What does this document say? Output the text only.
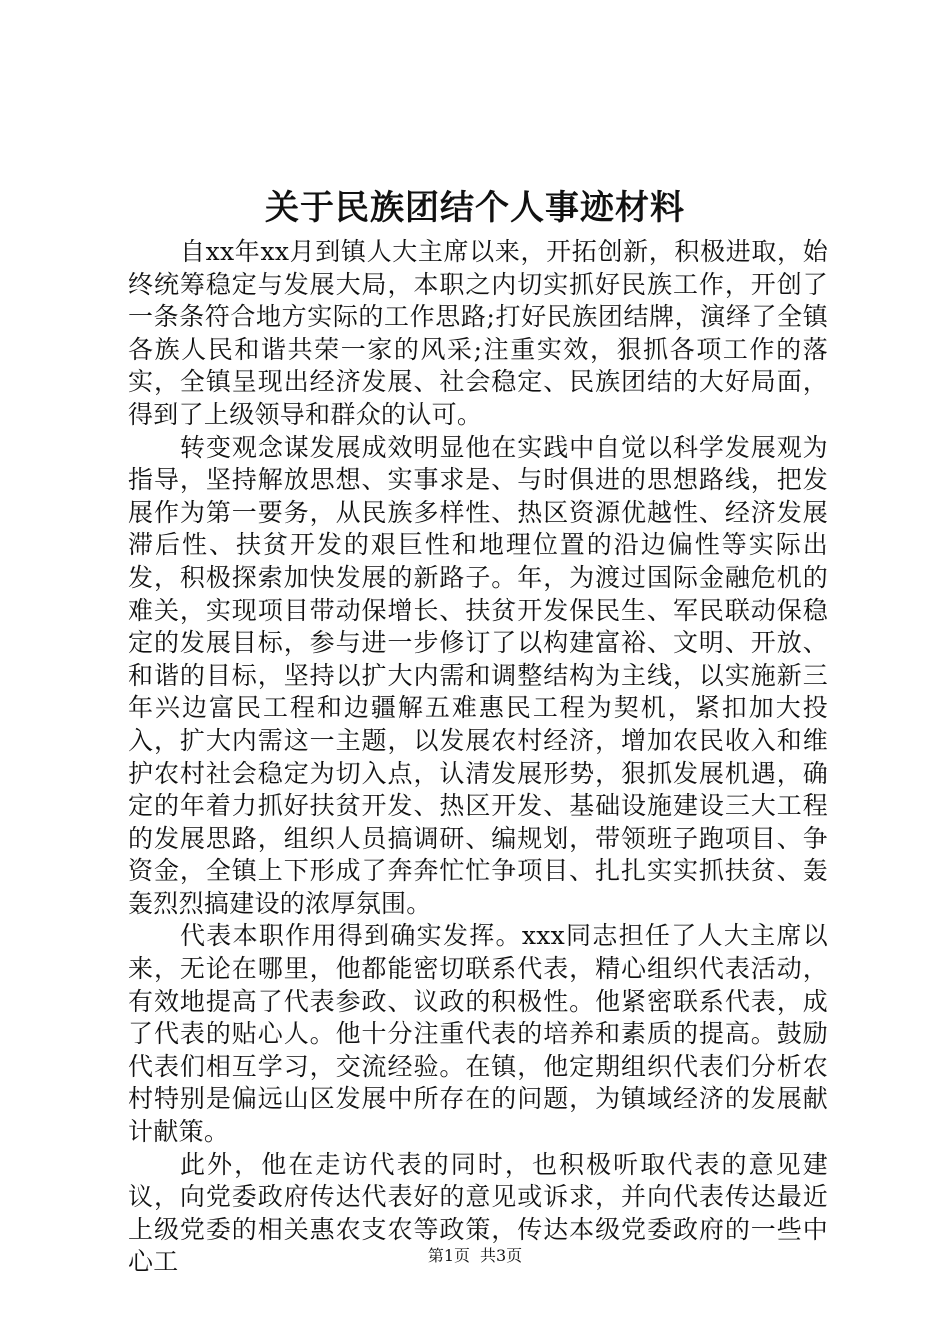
关于民族团结个人事迹材料

自xx年xx月到镇人大主席以来，开拓创新，积极进取，始终统筹稳定与发展大局，本职之内切实抓好民族工作，开创了一条条符合地方实际的工作思路;打好民族团结牌，演绎了全镇各族人民和谐共荣一家的风采;注重实效，狠抓各项工作的落实，全镇呈现出经济发展、社会稳定、民族团结的大好局面，得到了上级领导和群众的认可。

转变观念谋发展成效明显他在实践中自觉以科学发展观为指导，坚持解放思想、实事求是、与时俱进的思想路线，把发展作为第一要务，从民族多样性、热区资源优越性、经济发展滞后性、扶贫开发的艰巨性和地理位置的沿边偏性等实际出发，积极探索加快发展的新路子。年，为渡过国际金融危机的难关，实现项目带动保增长、扶贫开发保民生、军民联动保稳定的发展目标，参与进一步修订了以构建富裕、文明、开放、和谐的目标，坚持以扩大内需和调整结构为主线，以实施新三年兴边富民工程和边疆解五难惠民工程为契机，紧扣加大投入，扩大内需这一主题，以发展农村经济，增加农民收入和维护农村社会稳定为切入点，认清发展形势，狠抓发展机遇，确定的年着力抓好扶贫开发、热区开发、基础设施建设三大工程的发展思路，组织人员搞调研、编规划，带领班子跑项目、争资金，全镇上下形成了奔奔忙忙争项目、扎扎实实抓扶贫、轰轰烈烈搞建设的浓厚氛围。

代表本职作用得到确实发挥。xxx同志担任了人大主席以来，无论在哪里，他都能密切联系代表，精心组织代表活动，有效地提高了代表参政、议政的积极性。他紧密联系代表，成了代表的贴心人。他十分注重代表的培养和素质的提高。鼓励代表们相互学习，交流经验。在镇，他定期组织代表们分析农村特别是偏远山区发展中所存在的问题，为镇域经济的发展献计献策。

此外，他在走访代表的同时，也积极听取代表的意见建议，向党委政府传达代表好的意见或诉求，并向代表传达最近上级党委的相关惠农支农等政策，传达本级党委政府的一些中心工	第1页 共3页
